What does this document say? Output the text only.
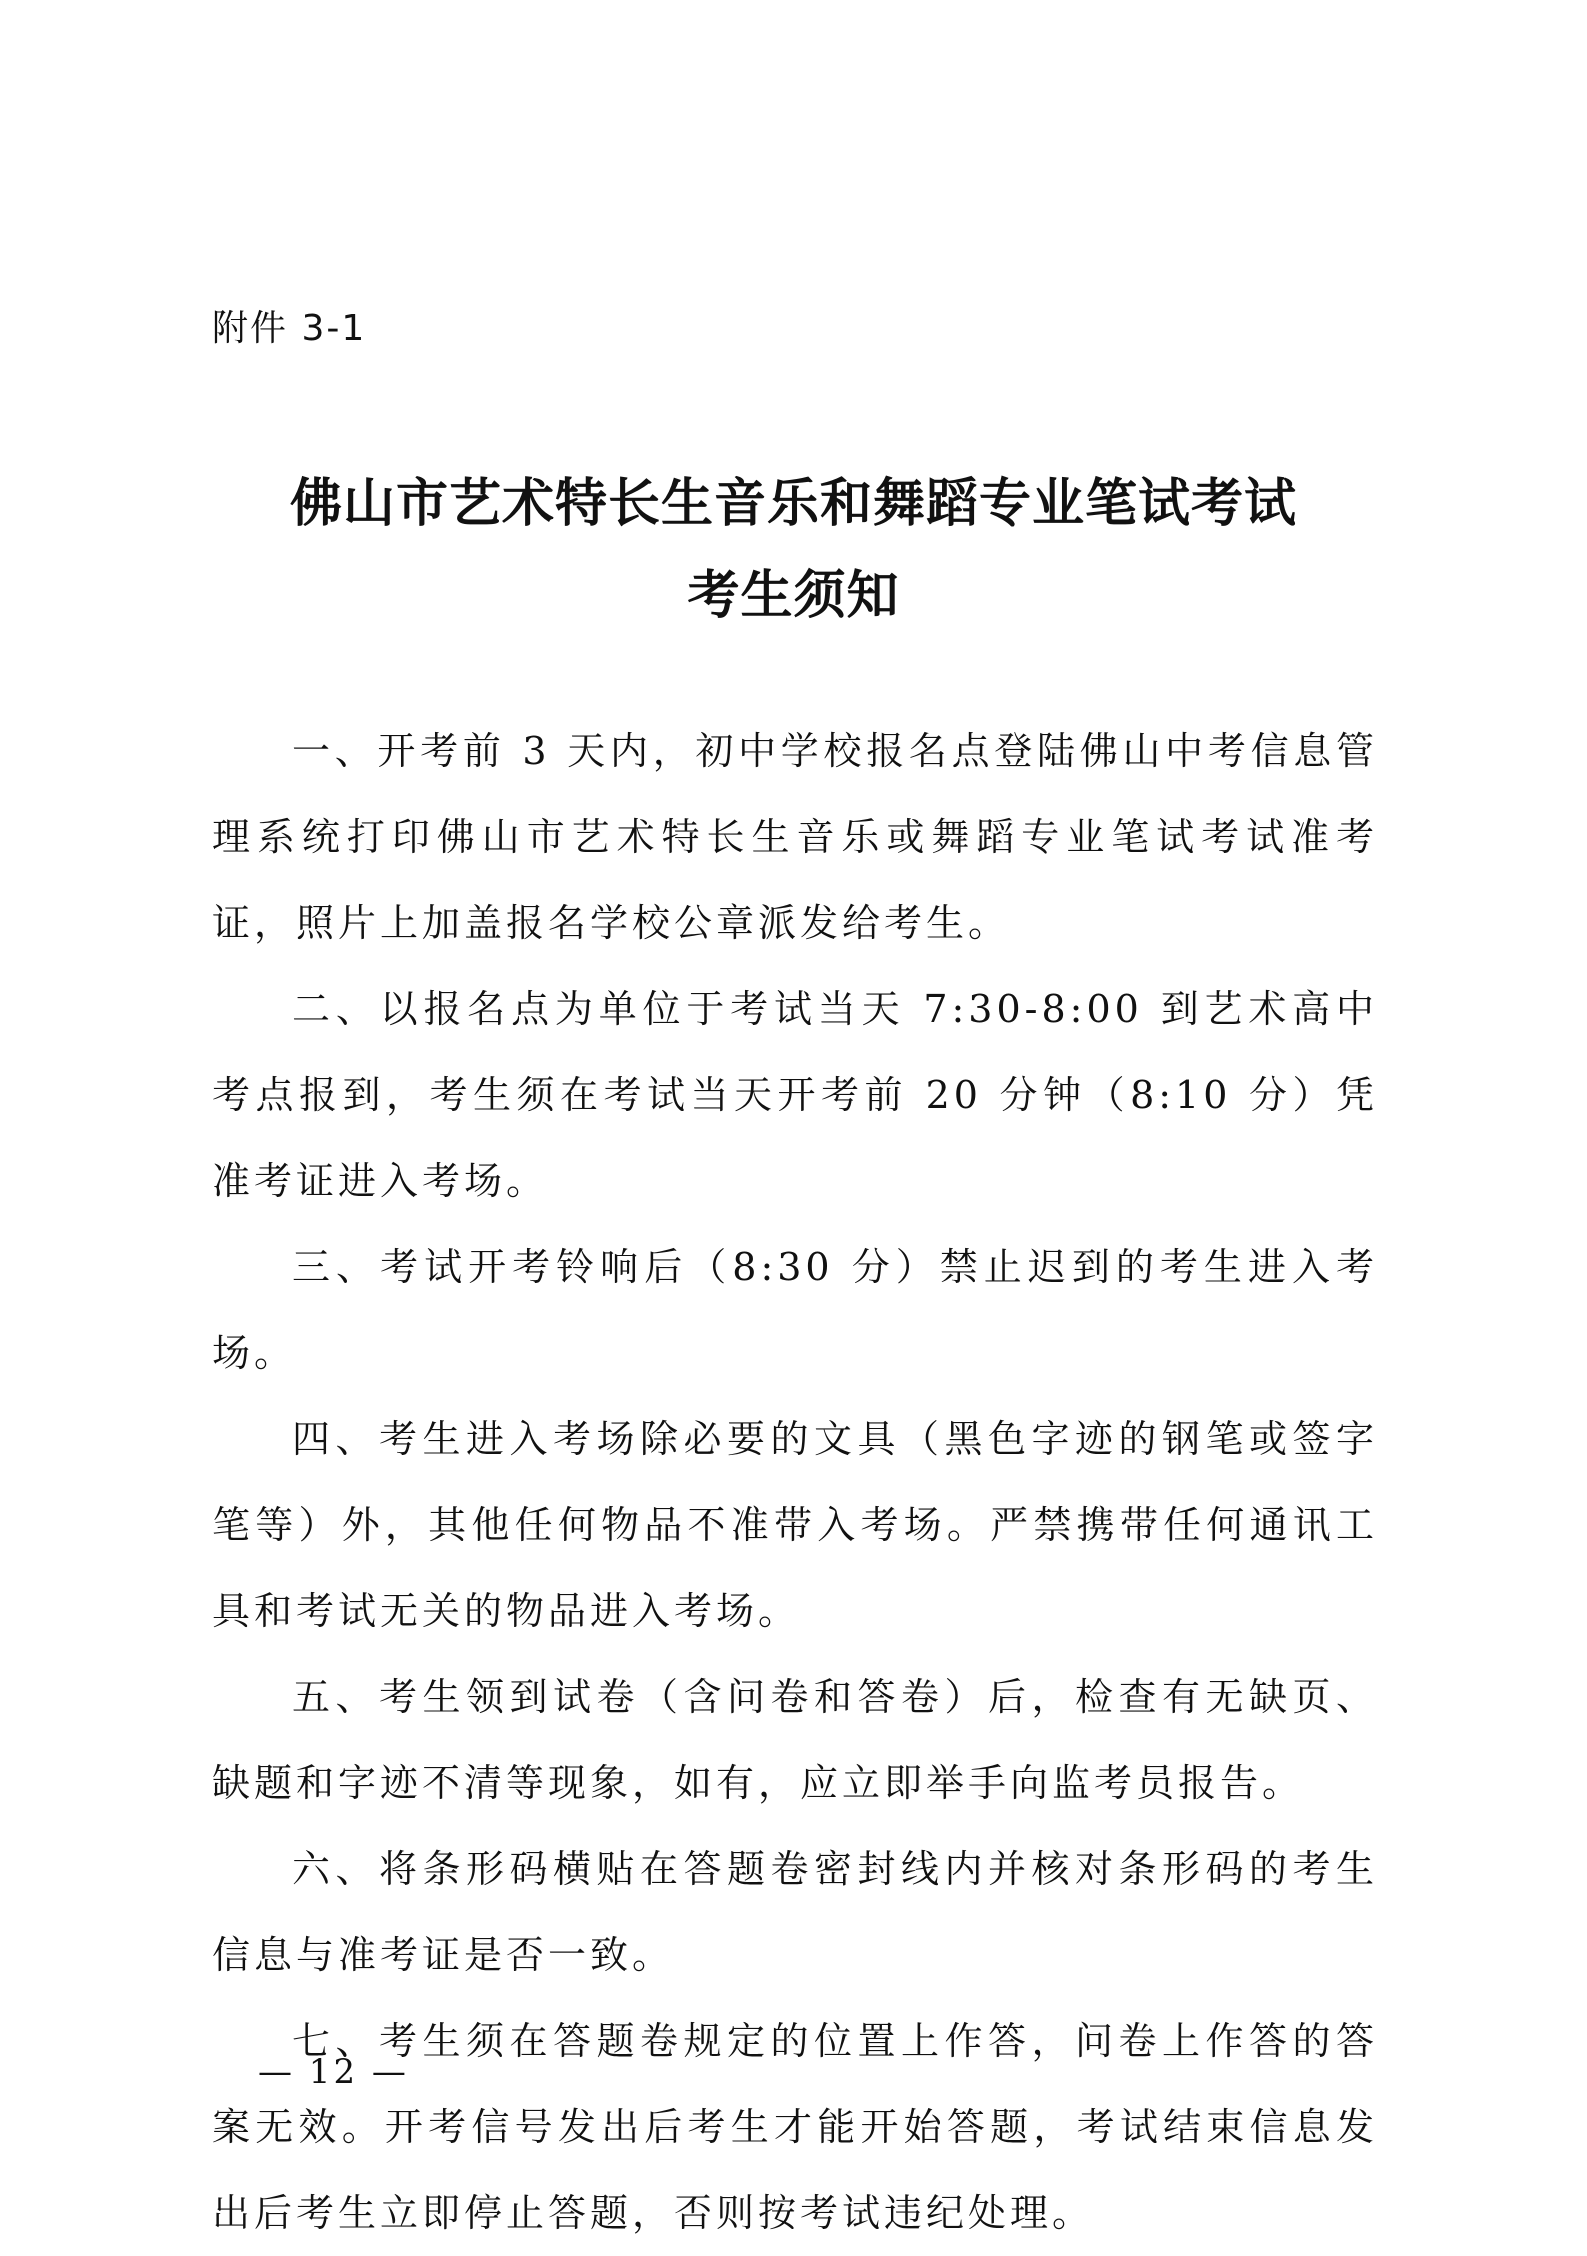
附件 3-1
佛山市艺术特长生音乐和舞蹈专业笔试考试
考生须知

一、开考前 3 天内，初中学校报名点登陆佛山中考信息管理系统打印佛山市艺术特长生音乐或舞蹈专业笔试考试准考证，照片上加盖报名学校公章派发给考生。

二、以报名点为单位于考试当天 7:30-8:00 到艺术高中考点报到，考生须在考试当天开考前 20 分钟（8:10 分）凭准考证进入考场。

三、考试开考铃响后（8:30 分）禁止迟到的考生进入考场。

四、考生进入考场除必要的文具（黑色字迹的钢笔或签字笔等）外，其他任何物品不准带入考场。严禁携带任何通讯工具和考试无关的物品进入考场。

五、考生领到试卷（含问卷和答卷）后，检查有无缺页、缺题和字迹不清等现象，如有，应立即举手向监考员报告。

六、将条形码横贴在答题卷密封线内并核对条形码的考生信息与准考证是否一致。

七、考生须在答题卷规定的位置上作答，问卷上作答的答案无效。开考信号发出后考生才能开始答题，考试结束信息发出后考生立即停止答题，否则按考试违纪处理。

— 12 —
